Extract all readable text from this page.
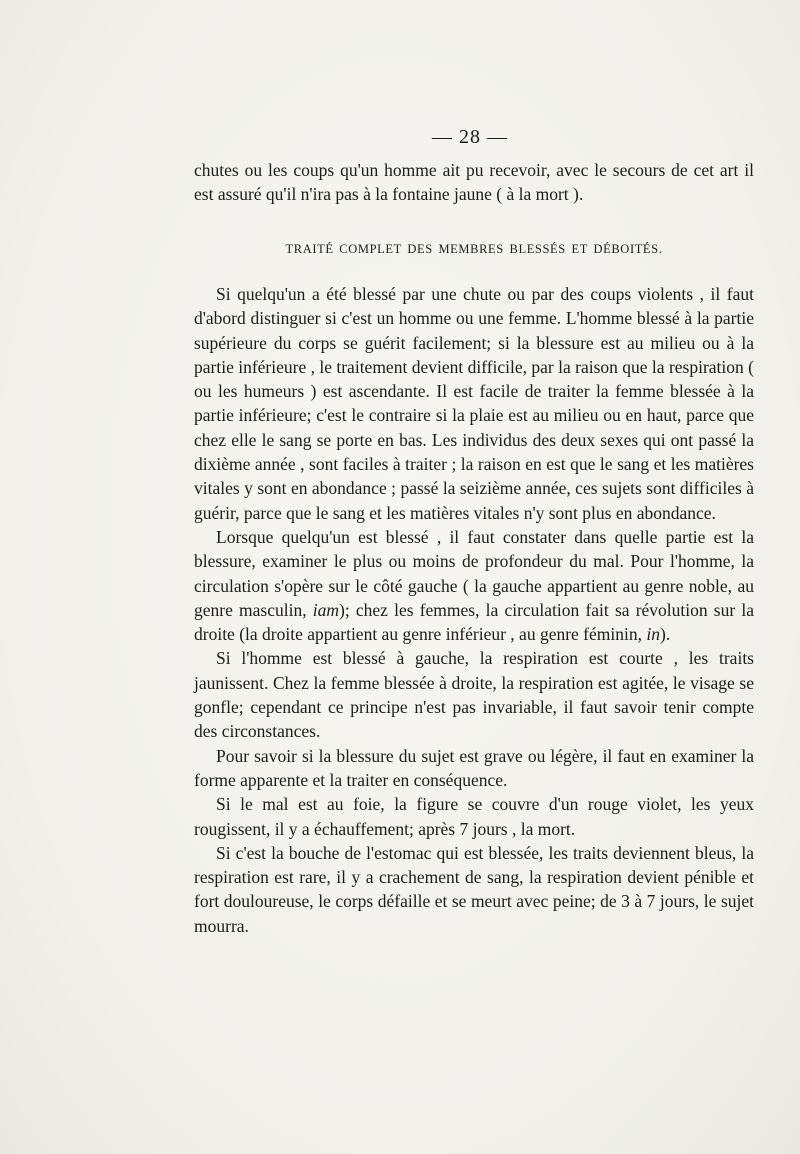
— 28 —

chutes ou les coups qu'un homme ait pu recevoir, avec le secours de cet art il est assuré qu'il n'ira pas à la fontaine jaune ( à la mort ).

TRAITÉ COMPLET DES MEMBRES BLESSÉS ET DÉBOITÉS.

Si quelqu'un a été blessé par une chute ou par des coups violents , il faut d'abord distinguer si c'est un homme ou une femme. L'homme blessé à la partie supérieure du corps se guérit facilement; si la blessure est au milieu ou à la partie inférieure , le traitement devient difficile, par la raison que la respiration ( ou les humeurs ) est ascendante. Il est facile de traiter la femme blessée à la partie inférieure; c'est le contraire si la plaie est au milieu ou en haut, parce que chez elle le sang se porte en bas. Les individus des deux sexes qui ont passé la dixième année , sont faciles à traiter ; la raison en est que le sang et les matières vitales y sont en abondance ; passé la seizième année, ces sujets sont difficiles à guérir, parce que le sang et les matières vitales n'y sont plus en abondance.

Lorsque quelqu'un est blessé , il faut constater dans quelle partie est la blessure, examiner le plus ou moins de profondeur du mal. Pour l'homme, la circulation s'opère sur le côté gauche ( la gauche appartient au genre noble, au genre masculin, iam); chez les femmes, la circulation fait sa révolution sur la droite (la droite appartient au genre inférieur , au genre féminin, in).

Si l'homme est blessé à gauche, la respiration est courte , les traits jaunissent. Chez la femme blessée à droite, la respiration est agitée, le visage se gonfle; cependant ce principe n'est pas invariable, il faut savoir tenir compte des circonstances.

Pour savoir si la blessure du sujet est grave ou légère, il faut en examiner la forme apparente et la traiter en conséquence.

Si le mal est au foie, la figure se couvre d'un rouge violet, les yeux rougissent, il y a échauffement; après 7 jours , la mort.

Si c'est la bouche de l'estomac qui est blessée, les traits deviennent bleus, la respiration est rare, il y a crachement de sang, la respiration devient pénible et fort douloureuse, le corps défaille et se meurt avec peine; de 3 à 7 jours, le sujet mourra.
